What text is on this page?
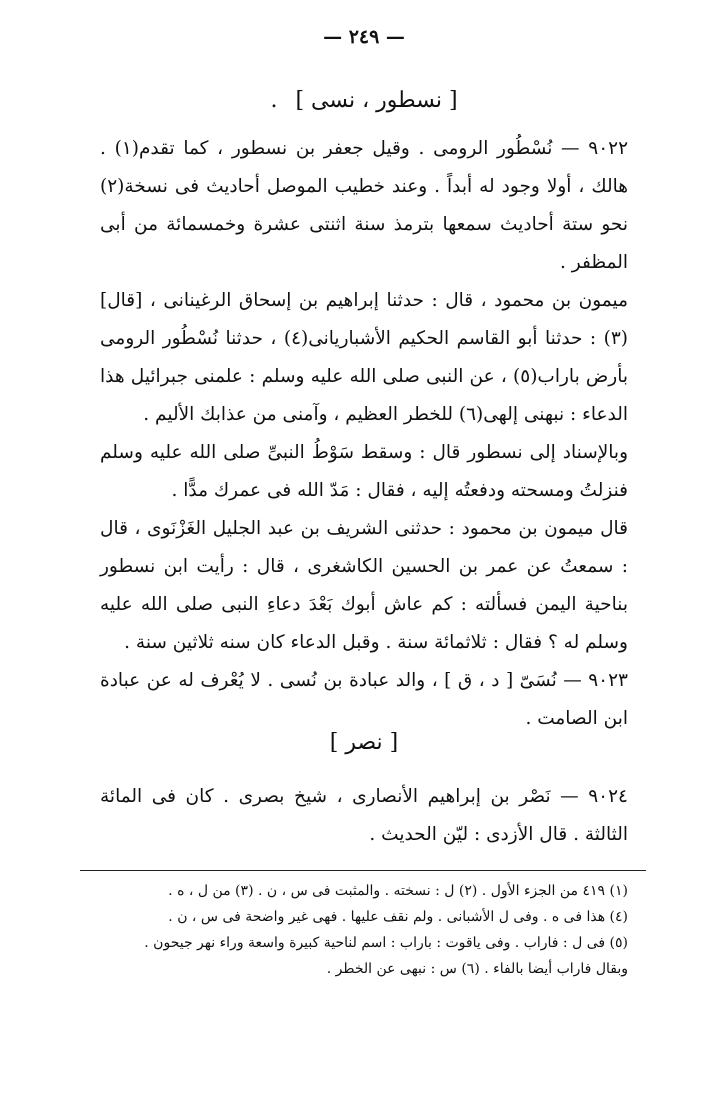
— ٢٤٩ —
[ نسطور ، نسى ].

٩٠٢٢ — نُسْطُور الرومى . وقيل جعفر بن نسطور ، كما تقدم(١) . هالك ، أولا وجود له أبداً . وعند خطيب الموصل أحاديث فى نسخة(٢) نحو ستة أحاديث سمعها بترمذ سنة اثنتى عشرة وخمسمائة من أبى المظفر .

ميمون بن محمود ، قال : حدثنا إبراهيم بن إسحاق الرغينانى ، [قال](٣) : حدثنا أبو القاسم الحكيم الأشباريانى(٤) ، حدثنا نُسْطُور الرومى بأرض باراب(٥) ، عن النبى صلى الله عليه وسلم : علمنى جبرائيل هذا الدعاء : نبهنى إلهى(٦) للخطر العظيم ، وآمنى من عذابك الأليم .

وبالإسناد إلى نسطور قال : وسقط سَوْطُ النبىِّ صلى الله عليه وسلم فنزلتُ ومسحته ودفعتُه إليه ، فقال : مَدّ الله فى عمرك مدًّا .

قال ميمون بن محمود : حدثنى الشريف بن عبد الجليل الغَزْنَوى ، قال : سمعتُ عن عمر بن الحسين الكاشغرى ، قال : رأيت ابن نسطور بناحية اليمن فسألته : كم عاش أبوك بَعْدَ دعاءِ النبى صلى الله عليه وسلم له ؟ فقال : ثلاثمائة سنة . وقبل الدعاء كان سنه ثلاثين سنة .

٩٠٢٣ — نُسَىّ [ د ، ق ] ، والد عبادة بن نُسى . لا يُعْرف له عن عبادة ابن الصامت .

[ نصر ]

٩٠٢٤ — نَصْر بن إبراهيم الأنصارى ، شيخ بصرى . كان فى المائة الثالثة . قال الأزدى : ليّن الحديث .

(١) ٤١٩ من الجزء الأول . (٢) ل : نسخته . والمثبت فى س ، ن . (٣) من ل ، ه .

(٤) هذا فى ه . وفى ل الأشبانى . ولم نقف عليها . فهى غير واضحة فى س ، ن .

(٥) فى ل : فاراب . وفى ياقوت : باراب : اسم لناحية كبيرة واسعة وراء نهر جيحون .

وبقال فاراب أيضا بالفاء . (٦) س : نبهى عن الخطر .
